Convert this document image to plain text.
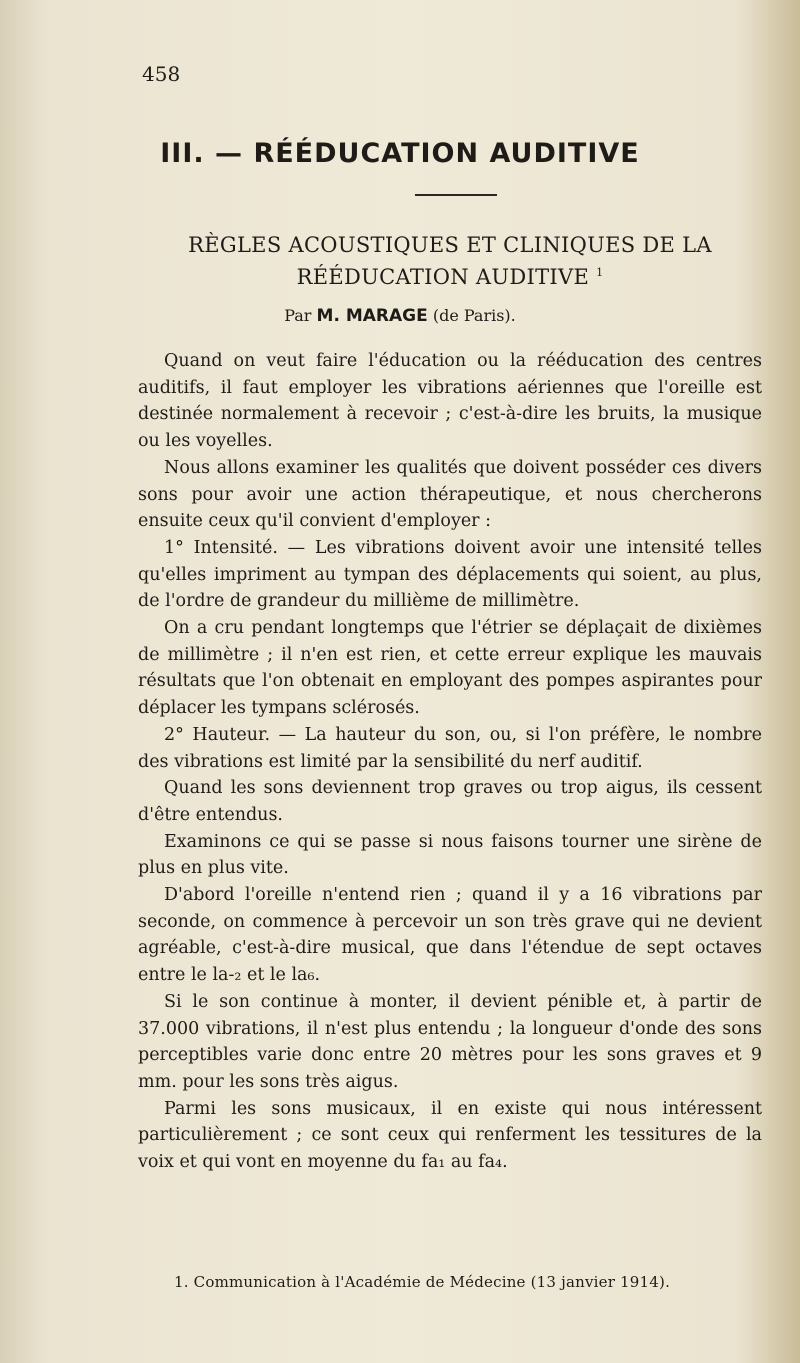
458
III. — RÉÉDUCATION AUDITIVE
RÈGLES ACOUSTIQUES ET CLINIQUES DE LA RÉÉDUCATION AUDITIVE $^1$
Par M. MARAGE (de Paris).

Quand on veut faire l'éducation ou la rééducation des centres auditifs, il faut employer les vibrations aériennes que l'oreille est destinée normalement à recevoir ; c'est-à-dire les bruits, la musique ou les voyelles.

Nous allons examiner les qualités que doivent posséder ces divers sons pour avoir une action thérapeutique, et nous chercherons ensuite ceux qu'il convient d'employer :

1° Intensité. — Les vibrations doivent avoir une intensité telles qu'elles impriment au tympan des déplacements qui soient, au plus, de l'ordre de grandeur du millième de millimètre.

On a cru pendant longtemps que l'étrier se déplaçait de dixièmes de millimètre ; il n'en est rien, et cette erreur explique les mauvais résultats que l'on obtenait en employant des pompes aspirantes pour déplacer les tympans sclérosés.

2° Hauteur. — La hauteur du son, ou, si l'on préfère, le nombre des vibrations est limité par la sensibilité du nerf auditif.

Quand les sons deviennent trop graves ou trop aigus, ils cessent d'être entendus.

Examinons ce qui se passe si nous faisons tourner une sirène de plus en plus vite.

D'abord l'oreille n'entend rien ; quand il y a 16 vibrations par seconde, on commence à percevoir un son très grave qui ne devient agréable, c'est-à-dire musical, que dans l'étendue de sept octaves entre le la-₂ et le la₆.

Si le son continue à monter, il devient pénible et, à partir de 37.000 vibrations, il n'est plus entendu ; la longueur d'onde des sons perceptibles varie donc entre 20 mètres pour les sons graves et 9 mm. pour les sons très aigus.

Parmi les sons musicaux, il en existe qui nous intéressent particulièrement ; ce sont ceux qui renferment les tessitures de la voix et qui vont en moyenne du fa₁ au fa₄.

1. Communication à l'Académie de Médecine (13 janvier 1914).
